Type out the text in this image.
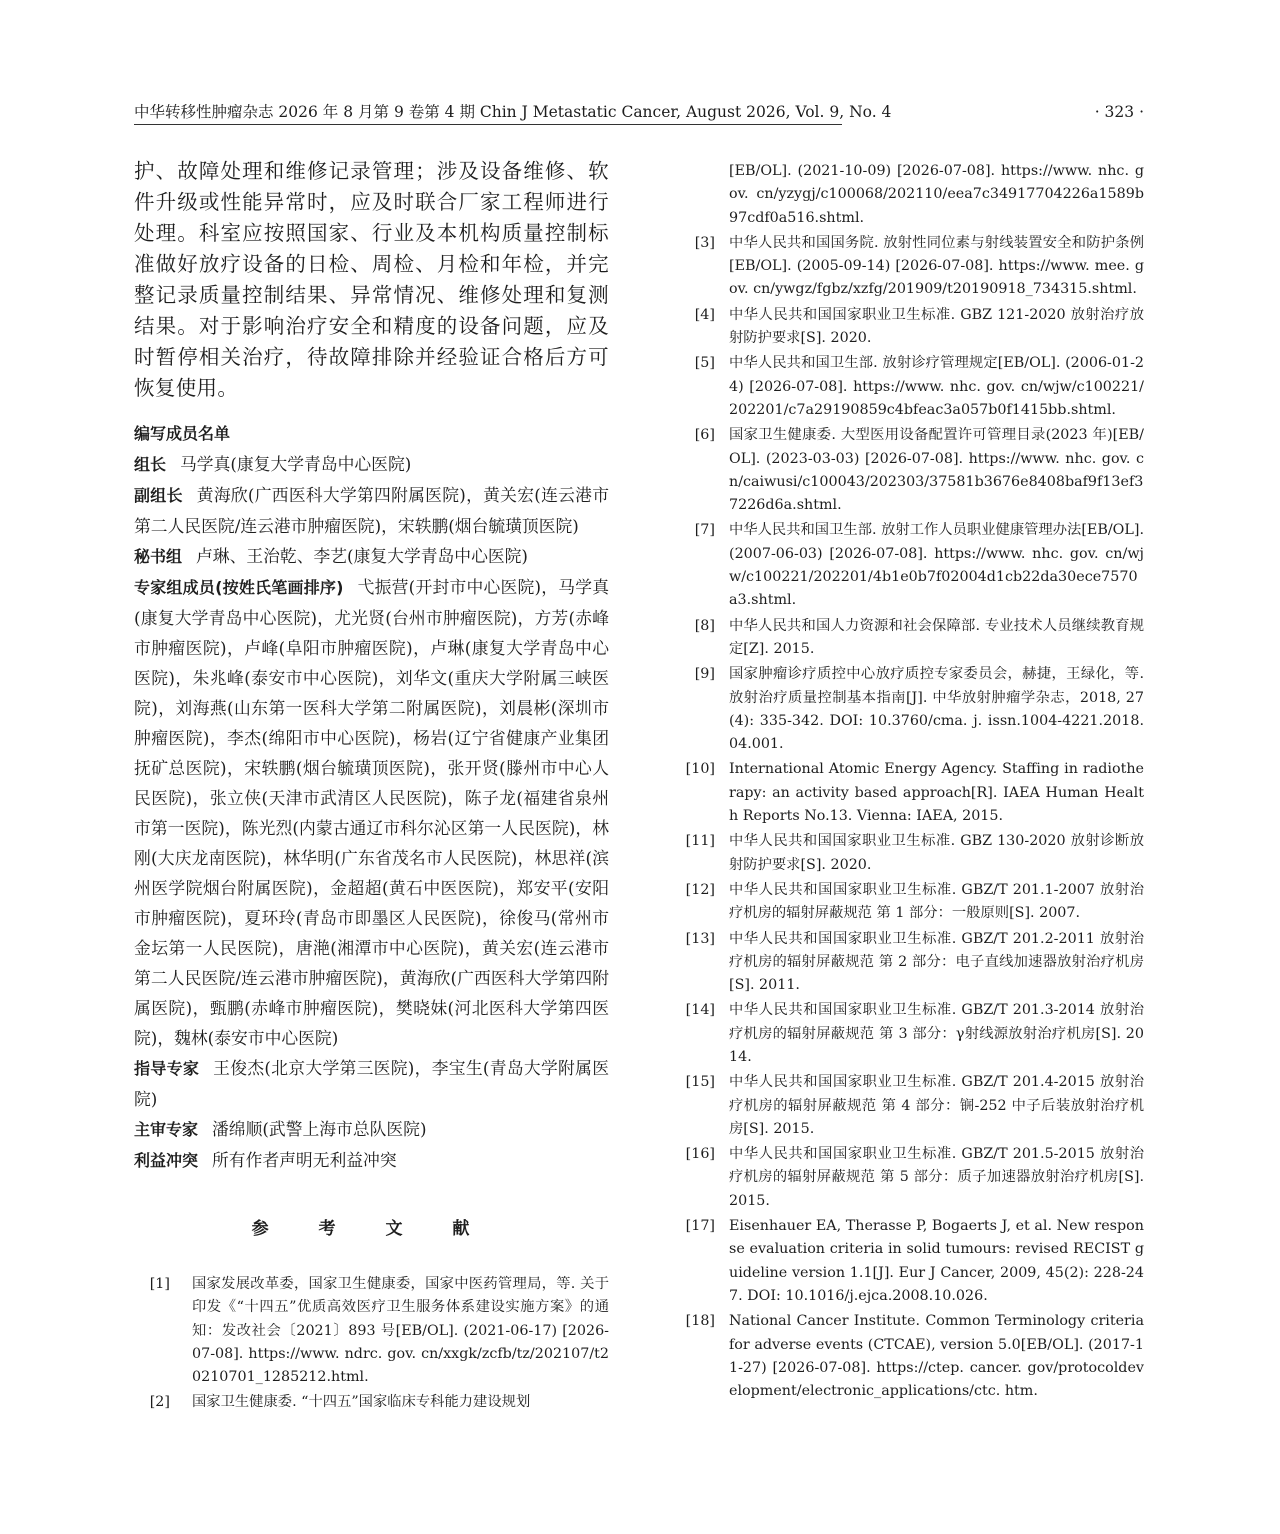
中华转移性肿瘤杂志 2026 年 8 月第 9 卷第 4 期 Chin J Metastatic Cancer, August 2026, Vol. 9, No. 4	· 323 ·

护、故障处理和维修记录管理；涉及设备维修、软件升级或性能异常时，应及时联合厂家工程师进行处理。科室应按照国家、行业及本机构质量控制标准做好放疗设备的日检、周检、月检和年检，并完整记录质量控制结果、异常情况、维修处理和复测结果。对于影响治疗安全和精度的设备问题，应及时暂停相关治疗，待故障排除并经验证合格后方可恢复使用。

编写成员名单

组长 马学真(康复大学青岛中心医院)

副组长 黄海欣(广西医科大学第四附属医院)，黄关宏(连云港市第二人民医院/连云港市肿瘤医院)，宋轶鹏(烟台毓璜顶医院)

秘书组 卢琳、王治乾、李艺(康复大学青岛中心医院)

专家组成员(按姓氏笔画排序) 弋振营(开封市中心医院)，马学真(康复大学青岛中心医院)，尤光贤(台州市肿瘤医院)，方芳(赤峰市肿瘤医院)，卢峰(阜阳市肿瘤医院)，卢琳(康复大学青岛中心医院)，朱兆峰(泰安市中心医院)，刘华文(重庆大学附属三峡医院)，刘海燕(山东第一医科大学第二附属医院)，刘晨彬(深圳市肿瘤医院)，李杰(绵阳市中心医院)，杨岩(辽宁省健康产业集团抚矿总医院)，宋轶鹏(烟台毓璜顶医院)，张开贤(滕州市中心人民医院)，张立侠(天津市武清区人民医院)，陈子龙(福建省泉州市第一医院)，陈光烈(内蒙古通辽市科尔沁区第一人民医院)，林刚(大庆龙南医院)，林华明(广东省茂名市人民医院)，林思祥(滨州医学院烟台附属医院)，金超超(黄石中医医院)，郑安平(安阳市肿瘤医院)，夏环玲(青岛市即墨区人民医院)，徐俊马(常州市金坛第一人民医院)，唐滟(湘潭市中心医院)，黄关宏(连云港市第二人民医院/连云港市肿瘤医院)，黄海欣(广西医科大学第四附属医院)，甄鹏(赤峰市肿瘤医院)，樊晓妹(河北医科大学第四医院)，魏林(泰安市中心医院)

指导专家 王俊杰(北京大学第三医院)，李宝生(青岛大学附属医院)

主审专家 潘绵顺(武警上海市总队医院)

利益冲突 所有作者声明无利益冲突

参 考 文 献
[1]	国家发展改革委，国家卫生健康委，国家中医药管理局，等. 关于印发《“十四五”优质高效医疗卫生服务体系建设实施方案》的通知：发改社会〔2021〕893 号[EB/OL]. (2021-06-17) [2026-07-08]. https://www. ndrc. gov. cn/xxgk/zcfb/tz/202107/t20210701_1285212.html.
[2]	国家卫生健康委. “十四五”国家临床专科能力建设规划
[EB/OL]. (2021-10-09) [2026-07-08]. https://www. nhc. gov. cn/yzygj/c100068/202110/eea7c34917704226a1589b97cdf0a516.shtml.
[3] 中华人民共和国国务院. 放射性同位素与射线装置安全和防护条例[EB/OL]. (2005-09-14) [2026-07-08]. https://www. mee. gov. cn/ywgz/fgbz/xzfg/201909/t20190918_734315.shtml.
[4] 中华人民共和国国家职业卫生标准. GBZ 121-2020 放射治疗放射防护要求[S]. 2020.
[5] 中华人民共和国卫生部. 放射诊疗管理规定[EB/OL]. (2006-01-24) [2026-07-08]. https://www. nhc. gov. cn/wjw/c100221/202201/c7a29190859c4bfeac3a057b0f1415bb.shtml.
[6] 国家卫生健康委. 大型医用设备配置许可管理目录(2023 年)[EB/OL]. (2023-03-03) [2026-07-08]. https://www. nhc. gov. cn/caiwusi/c100043/202303/37581b3676e8408baf9f13ef37226d6a.shtml.
[7] 中华人民共和国卫生部. 放射工作人员职业健康管理办法[EB/OL]. (2007-06-03) [2026-07-08]. https://www. nhc. gov. cn/wjw/c100221/202201/4b1e0b7f02004d1cb22da30ece7570a3.shtml.
[8] 中华人民共和国人力资源和社会保障部. 专业技术人员继续教育规定[Z]. 2015.
[9] 国家肿瘤诊疗质控中心放疗质控专家委员会，赫捷，王绿化，等. 放射治疗质量控制基本指南[J]. 中华放射肿瘤学杂志，2018, 27(4): 335-342. DOI: 10.3760/cma. j. issn.1004-4221.2018.04.001.
[10] International Atomic Energy Agency. Staffing in radiotherapy: an activity based approach[R]. IAEA Human Health Reports No.13. Vienna: IAEA, 2015.
[11] 中华人民共和国国家职业卫生标准. GBZ 130-2020 放射诊断放射防护要求[S]. 2020.
[12] 中华人民共和国国家职业卫生标准. GBZ/T 201.1-2007 放射治疗机房的辐射屏蔽规范 第 1 部分：一般原则[S]. 2007.
[13] 中华人民共和国国家职业卫生标准. GBZ/T 201.2-2011 放射治疗机房的辐射屏蔽规范 第 2 部分：电子直线加速器放射治疗机房[S]. 2011.
[14] 中华人民共和国国家职业卫生标准. GBZ/T 201.3-2014 放射治疗机房的辐射屏蔽规范 第 3 部分：γ射线源放射治疗机房[S]. 2014.
[15] 中华人民共和国国家职业卫生标准. GBZ/T 201.4-2015 放射治疗机房的辐射屏蔽规范 第 4 部分：锎-252 中子后装放射治疗机房[S]. 2015.
[16] 中华人民共和国国家职业卫生标准. GBZ/T 201.5-2015 放射治疗机房的辐射屏蔽规范 第 5 部分：质子加速器放射治疗机房[S]. 2015.
[17] Eisenhauer EA, Therasse P, Bogaerts J, et al. New response evaluation criteria in solid tumours: revised RECIST guideline version 1.1[J]. Eur J Cancer, 2009, 45(2): 228-247. DOI: 10.1016/j.ejca.2008.10.026.
[18] National Cancer Institute. Common Terminology criteria for adverse events (CTCAE), version 5.0[EB/OL]. (2017-11-27) [2026-07-08]. https://ctep. cancer. gov/protocoldevelopment/electronic_applications/ctc. htm.
